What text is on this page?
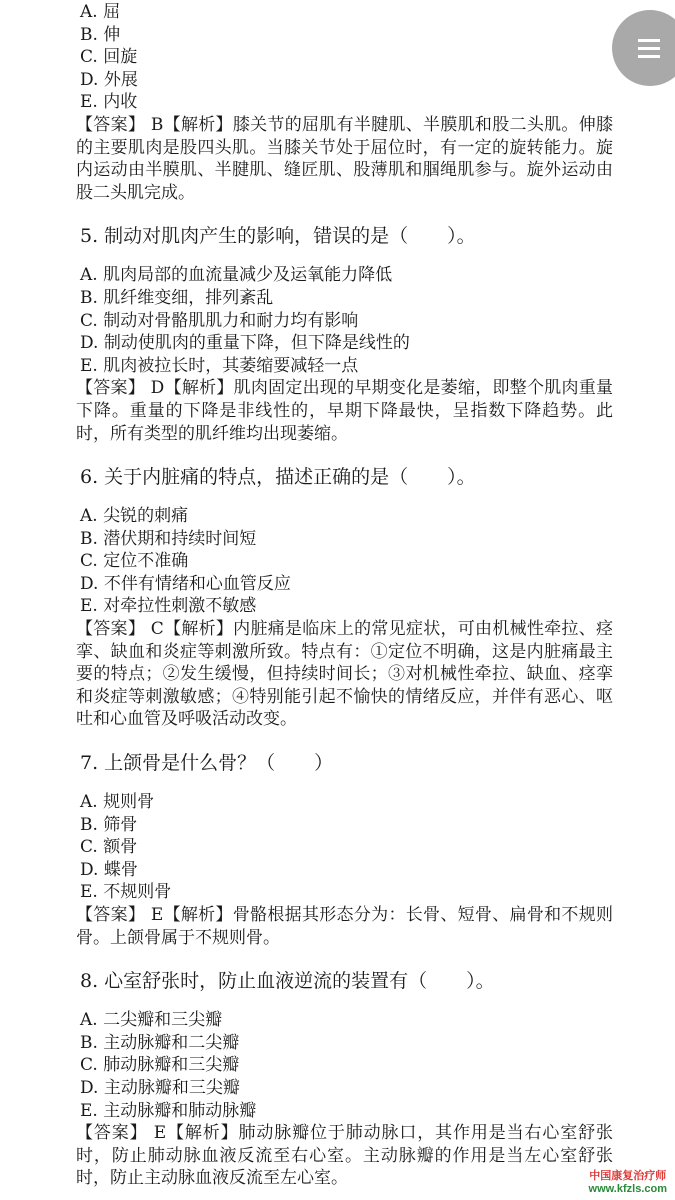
A. 屈
B. 伸
C. 回旋
D. 外展
E. 内收
【答案】 B【解析】膝关节的屈肌有半腱肌、半膜肌和股二头肌。伸膝的主要肌肉是股四头肌。当膝关节处于屈位时，有一定的旋转能力。旋内运动由半膜肌、半腱肌、缝匠肌、股薄肌和腘绳肌参与。旋外运动由股二头肌完成。
5. 制动对肌肉产生的影响，错误的是（ ）。
A. 肌肉局部的血流量减少及运氧能力降低
B. 肌纤维变细，排列紊乱
C. 制动对骨骼肌肌力和耐力均有影响
D. 制动使肌肉的重量下降，但下降是线性的
E. 肌肉被拉长时，其萎缩要减轻一点
【答案】 D【解析】肌肉固定出现的早期变化是萎缩，即整个肌肉重量下降。重量的下降是非线性的，早期下降最快，呈指数下降趋势。此时，所有类型的肌纤维均出现萎缩。
6. 关于内脏痛的特点，描述正确的是（ ）。
A. 尖锐的刺痛
B. 潜伏期和持续时间短
C. 定位不准确
D. 不伴有情绪和心血管反应
E. 对牵拉性刺激不敏感
【答案】 C【解析】内脏痛是临床上的常见症状，可由机械性牵拉、痉挛、缺血和炎症等刺激所致。特点有：①定位不明确，这是内脏痛最主要的特点；②发生缓慢，但持续时间长；③对机械性牵拉、缺血、痉挛和炎症等刺激敏感；④特别能引起不愉快的情绪反应，并伴有恶心、呕吐和心血管及呼吸活动改变。
7. 上颌骨是什么骨？（ ）
A. 规则骨
B. 筛骨
C. 额骨
D. 蝶骨
E. 不规则骨
【答案】 E【解析】骨骼根据其形态分为：长骨、短骨、扁骨和不规则骨。上颌骨属于不规则骨。
8. 心室舒张时，防止血液逆流的装置有（ ）。
A. 二尖瓣和三尖瓣
B. 主动脉瓣和二尖瓣
C. 肺动脉瓣和三尖瓣
D. 主动脉瓣和三尖瓣
E. 主动脉瓣和肺动脉瓣
【答案】 E【解析】肺动脉瓣位于肺动脉口，其作用是当右心室舒张时，防止肺动脉血液反流至右心室。主动脉瓣的作用是当左心室舒张时，防止主动脉血液反流至左心室。	中国康复治疗师
www.kfzls.com
